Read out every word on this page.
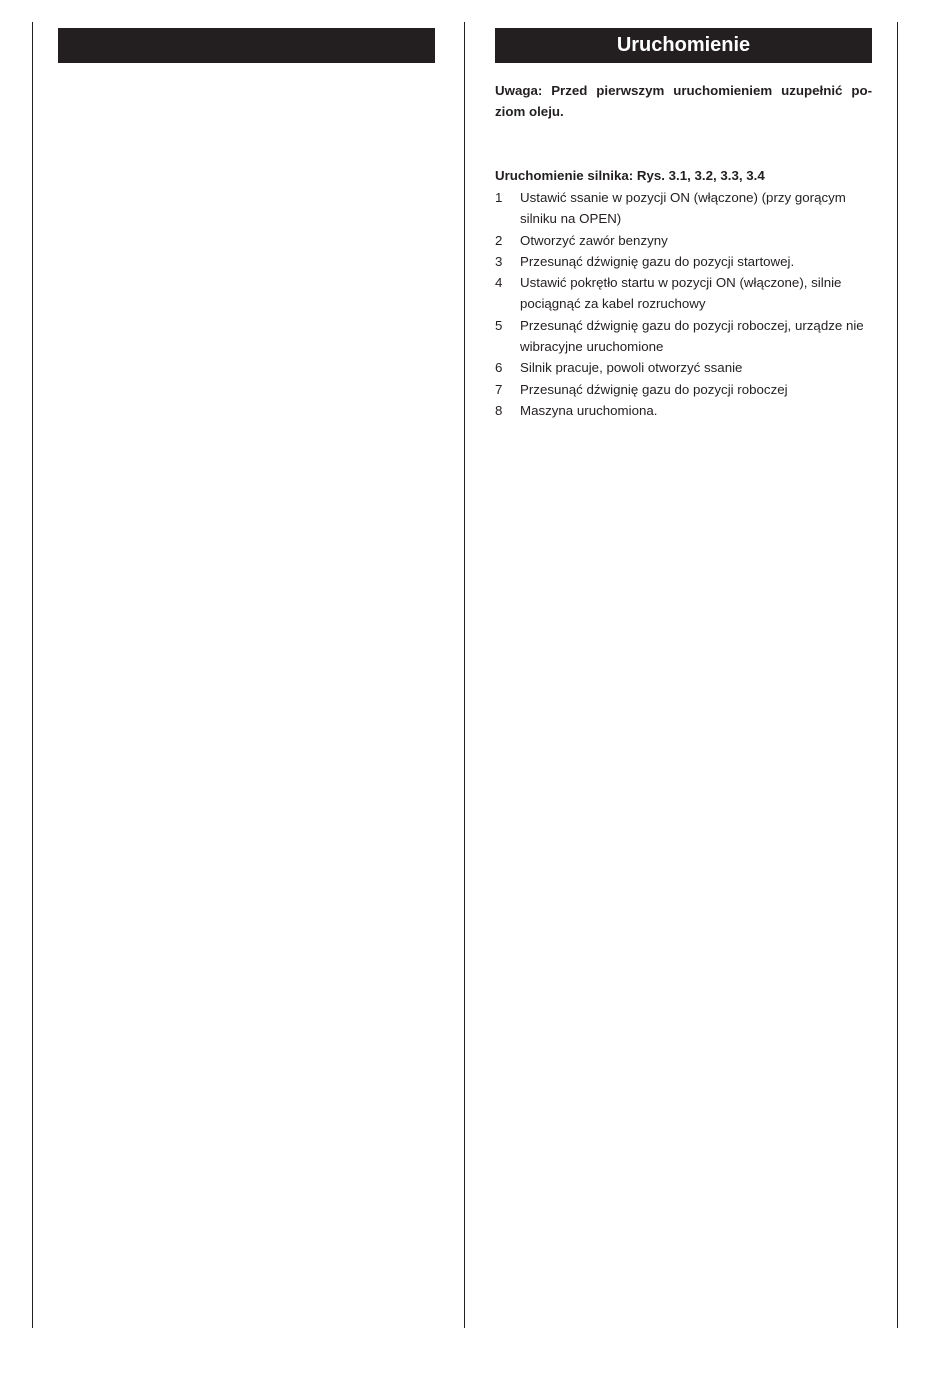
Uruchomienie
Uwaga: Przed pierwszym uruchomieniem uzupełnić po-ziom oleju.
Uruchomienie silnika: Rys. 3.1, 3.2, 3.3, 3.4
1 Ustawić ssanie w pozycji ON (włączone) (przy gorącym silniku na OPEN)
2 Otworzyć zawór benzyny
3 Przesunąć dźwignię gazu do pozycji startowej.
4 Ustawić pokrętło startu w pozycji ON (włączone), silnie pociągnąć za kabel rozruchowy
5 Przesunąć dźwignię gazu do pozycji roboczej, urządze nie wibracyjne uruchomione
6 Silnik pracuje, powoli otworzyć ssanie
7 Przesunąć dźwignię gazu do pozycji roboczej
8 Maszyna uruchomiona.
